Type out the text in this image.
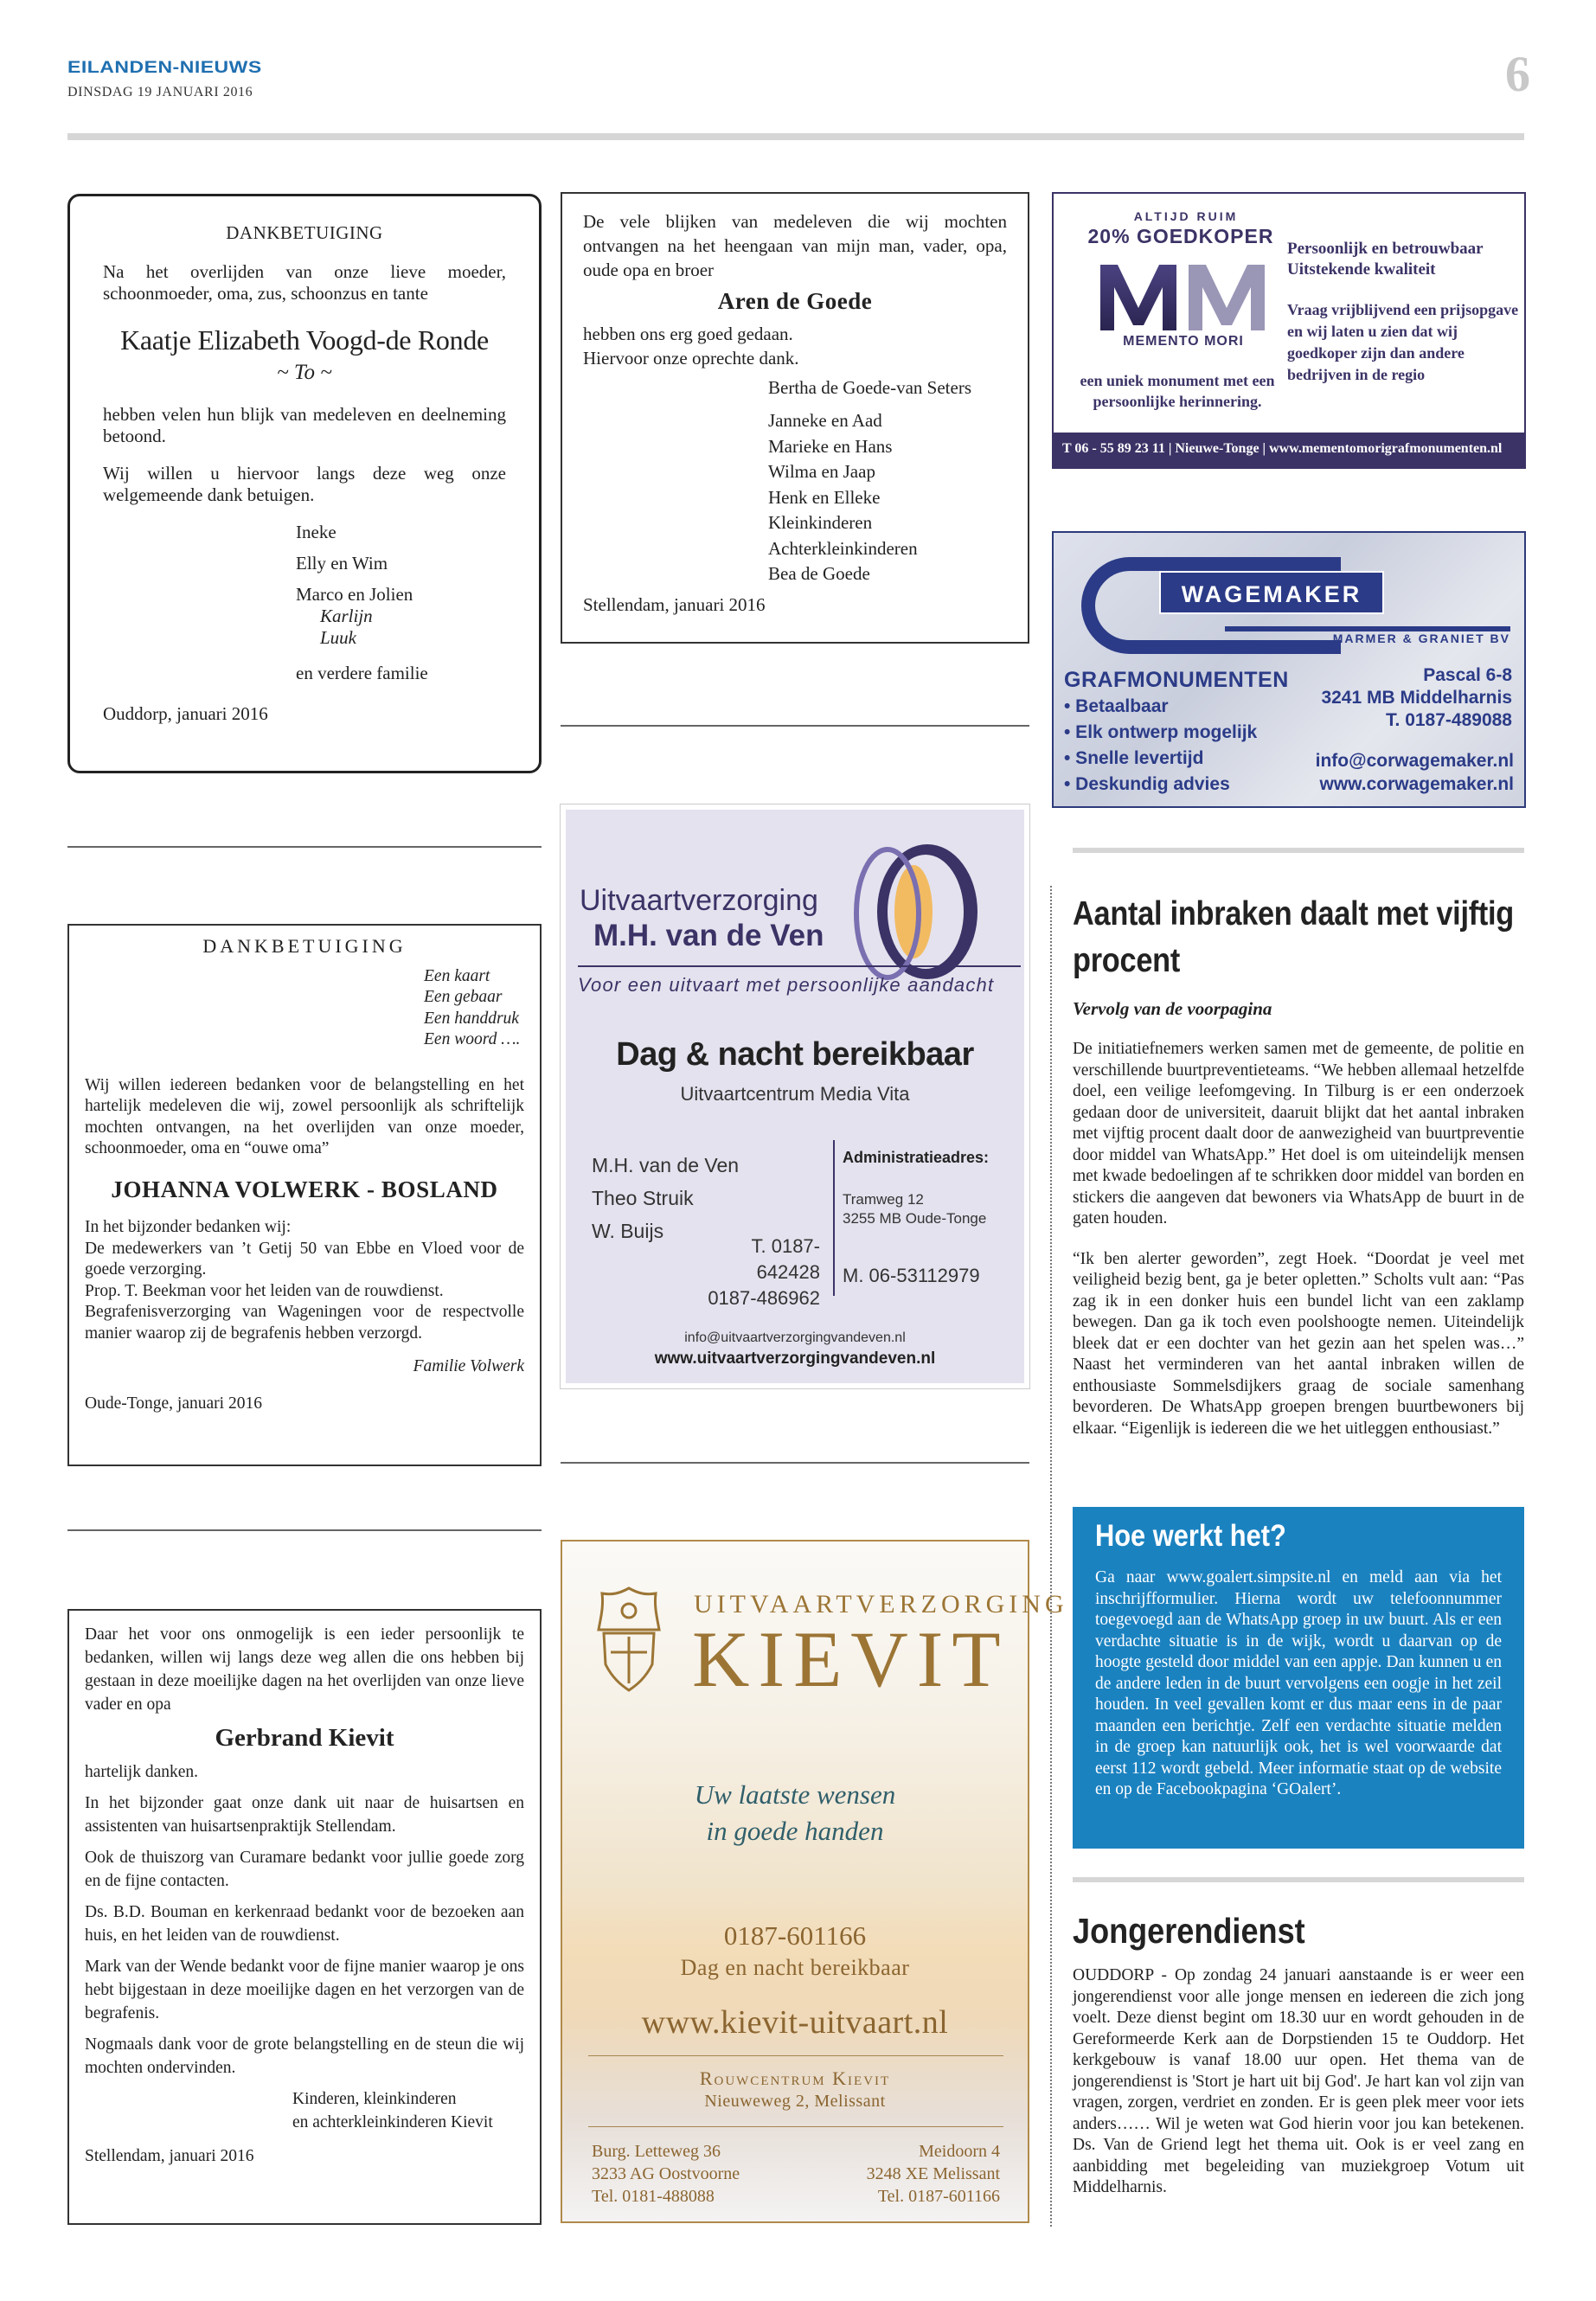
EILANDEN-NIEUWS
DINSDAG 19 JANUARI 2016	6
DANKBETUIGING

Na het overlijden van onze lieve moeder, schoonmoeder, oma, zus, schoonzus en tante

Kaatje Elizabeth Voogd-de Ronde
~ To ~

hebben velen hun blijk van medeleven en deelneming betoond.

Wij willen u hiervoor langs deze weg onze welgemeende dank betuigen.

Ineke
Elly en Wim
Marco en Jolien
Karlijn
Luuk
en verdere familie
Ouddorp, januari 2016
De vele blijken van medeleven die wij mochten ontvangen na het heengaan van mijn man, vader, opa, oude opa en broer
Aren de Goede
hebben ons erg goed gedaan.
Hiervoor onze oprechte dank.
Bertha de Goede-van Seters
Janneke en Aad
Marieke en Hans
Wilma en Jaap
Henk en Elleke
Kleinkinderen
Achterkleinkinderen
Bea de Goede
Stellendam, januari 2016
DANKBETUIGING
Een kaart
Een gebaar
Een handdruk
Een woord ….
Wij willen iedereen bedanken voor de belangstelling en het hartelijk medeleven die wij, zowel persoonlijk als schriftelijk mochten ontvangen, na het overlijden van onze moeder, schoonmoeder, oma en “ouwe oma”
JOHANNA VOLWERK - BOSLAND
In het bijzonder bedanken wij:
De medewerkers van ’t Getij 50 van Ebbe en Vloed voor de goede verzorging.
Prop. T. Beekman voor het leiden van de rouwdienst.
Begrafenisverzorging van Wageningen voor de respectvolle manier waarop zij de begrafenis hebben verzorgd.
Familie Volwerk
Oude-Tonge, januari 2016

Daar het voor ons onmogelijk is een ieder persoonlijk te bedanken, willen wij langs deze weg allen die ons hebben bij gestaan in deze moeilijke dagen na het overlijden van onze lieve vader en opa

Gerbrand Kievit

hartelijk danken.

In het bijzonder gaat onze dank uit naar de huisartsen en assistenten van huisartsenpraktijk Stellendam.

Ook de thuiszorg van Curamare bedankt voor jullie goede zorg en de fijne contacten.

Ds. B.D. Bouman en kerkenraad bedankt voor de bezoeken aan huis, en het leiden van de rouwdienst.

Mark van der Wende bedankt voor de fijne manier waarop je ons hebt bijgestaan in deze moeilijke dagen en het verzorgen van de begrafenis.

Nogmaals dank voor de grote belangstelling en de steun die wij mochten ondervinden.

Kinderen, kleinkinderen
en achterkleinkinderen Kievit
Stellendam, januari 2016
ALTIJD RUIM
20% GOEDKOPER
MEMENTO MORI
een uniek monument met een persoonlijke herinnering.
Persoonlijk en betrouwbaar
Uitstekende kwaliteit
Vraag vrijblijvend een prijsopgave en wij laten u zien dat wij goedkoper zijn dan andere bedrijven in de regio
T 06 - 55 89 23 11 | Nieuwe-Tonge | www.mementomorigrafmonumenten.nl
WAGEMAKER
MARMER & GRANIET BV
GRAFMONUMENTEN
• Betaalbaar
• Elk ontwerp mogelijk
• Snelle levertijd
• Deskundig advies
Pascal 6-8
3241 MB Middelharnis
T. 0187-489088
info@corwagemaker.nl
www.corwagemaker.nl
Uitvaartverzorging
M.H. van de Ven
Voor een uitvaart met persoonlijke aandacht
Dag & nacht bereikbaar
Uitvaartcentrum Media Vita
M.H. van de Ven
Theo Struik
W. Buijs
T. 0187-642428
0187-486962
Administratieadres:
Tramweg 12
3255 MB Oude-Tonge
M. 06-53112979
info@uitvaartverzorgingvandeven.nl
www.uitvaartverzorgingvandeven.nl
UITVAARTVERZORGING
KIEVIT
Uw laatste wensen
in goede handen
0187-601166
Dag en nacht bereikbaar
www.kievit-uitvaart.nl
Rouwcentrum Kievit
Nieuweweg 2, Melissant
Burg. Letteweg 36
3233 AG Oostvoorne
Tel. 0181-488088
Meidoorn 4
3248 XE Melissant
Tel. 0187-601166
Aantal inbraken daalt met vijftig procent
Vervolg van de voorpagina

De initiatiefnemers werken samen met de gemeente, de politie en verschillende buurtpreventieteams. “We hebben allemaal hetzelfde doel, een veilige leefomgeving. In Tilburg is er een onderzoek gedaan door de universiteit, daaruit blijkt dat het aantal inbraken met vijftig procent daalt door de aanwezigheid van buurtpreventie door middel van WhatsApp.” Het doel is om uiteindelijk mensen met kwade bedoelingen af te schrikken door middel van borden en stickers die aangeven dat bewoners via WhatsApp de buurt in de gaten houden.

“Ik ben alerter geworden”, zegt Hoek. “Doordat je veel met veiligheid bezig bent, ga je beter opletten.” Scholts vult aan: “Pas zag ik in een donker huis een bundel licht van een zaklamp bewegen. Dan ga ik toch even poolshoogte nemen. Uiteindelijk bleek dat er een dochter van het gezin aan het spelen was…” Naast het verminderen van het aantal inbraken willen de enthousiaste Sommelsdijkers graag de sociale samenhang bevorderen. De WhatsApp groepen brengen buurtbewoners bij elkaar. “Eigenlijk is iedereen die we het uitleggen enthousiast.”

Hoe werkt het?

Ga naar www.goalert.simpsite.nl en meld aan via het inschrijfformulier. Hierna wordt uw telefoonnummer toegevoegd aan de WhatsApp groep in uw buurt. Als er een verdachte situatie is in de wijk, wordt u daarvan op de hoogte gesteld door middel van een appje. Dan kunnen u en de andere leden in de buurt vervolgens een oogje in het zeil houden. In veel gevallen komt er dus maar eens in de paar maanden een berichtje. Zelf een verdachte situatie melden in de groep kan natuurlijk ook, het is wel voorwaarde dat eerst 112 wordt gebeld. Meer informatie staat op de website en op de Facebookpagina ‘GOalert’.

Jongerendienst

OUDDORP - Op zondag 24 januari aanstaande is er weer een jongerendienst voor alle jonge mensen en iedereen die zich jong voelt. Deze dienst begint om 18.30 uur en wordt gehouden in de Gereformeerde Kerk aan de Dorpstienden 15 te Ouddorp. Het kerkgebouw is vanaf 18.00 uur open. Het thema van de jongerendienst is 'Stort je hart uit bij God'. Je hart kan vol zijn van vragen, zorgen, verdriet en zonden. Er is geen plek meer voor iets anders…… Wil je weten wat God hierin voor jou kan betekenen. Ds. Van de Griend legt het thema uit. Ook is er veel zang en aanbidding met begeleiding van muziekgroep Votum uit Middelharnis.
